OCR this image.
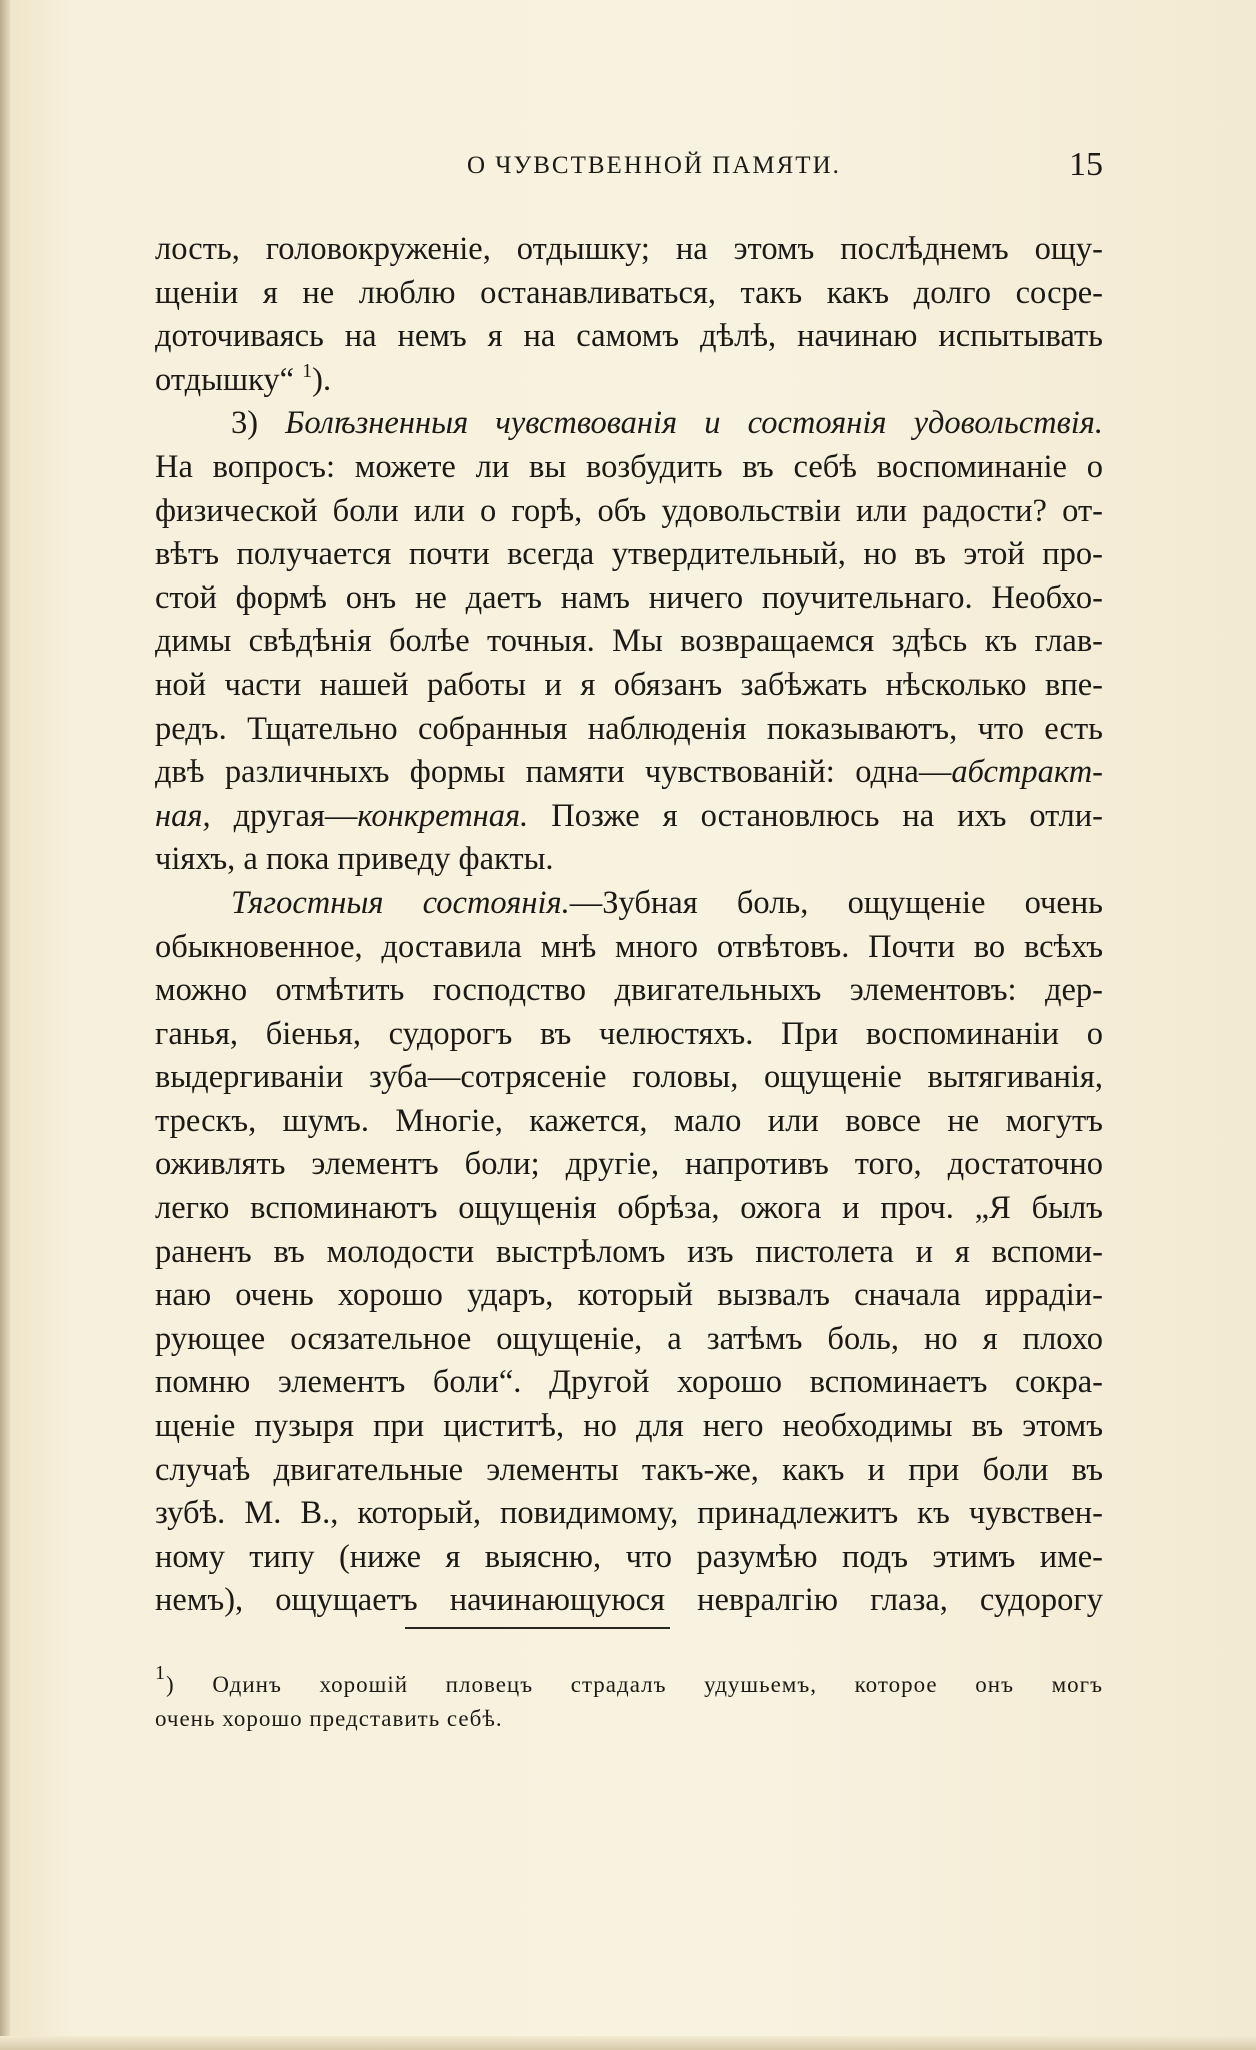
О ЧУВСТВЕННОЙ ПАМЯТИ.	15
лость, головокруженіе, отдышку; на этомъ послѣднемъ ощу-
щеніи я не люблю останавливаться, такъ какъ долго сосре-
доточиваясь на немъ я на самомъ дѣлѣ, начинаю испытывать
отдышку“ $^1$).
3) Болѣзненныя чувствованія и состоянія удовольствія.
На вопросъ: можете ли вы возбудить въ себѣ воспоминаніе о
физической боли или о горѣ, объ удовольствіи или радости? от-
вѣтъ получается почти всегда утвердительный, но въ этой про-
стой формѣ онъ не даетъ намъ ничего поучительнаго. Необхо-
димы свѣдѣнія болѣе точныя. Мы возвращаемся здѣсь къ глав-
ной части нашей работы и я обязанъ забѣжать нѣсколько впе-
редъ. Тщательно собранныя наблюденія показываютъ, что есть
двѣ различныхъ формы памяти чувствованій: одна—абстракт-
ная, другая—конкретная. Позже я остановлюсь на ихъ отли-
чіяхъ, а пока приведу факты.
Тягостныя состоянія.—Зубная боль, ощущеніе очень
обыкновенное, доставила мнѣ много отвѣтовъ. Почти во всѣхъ
можно отмѣтить господство двигательныхъ элементовъ: дер-
ганья, біенья, судорогъ въ челюстяхъ. При воспоминаніи о
выдергиваніи зуба—сотрясеніе головы, ощущеніе вытягиванія,
трескъ, шумъ. Многіе, кажется, мало или вовсе не могутъ
оживлять элементъ боли; другіе, напротивъ того, достаточно
легко вспоминаютъ ощущенія обрѣза, ожога и проч. „Я былъ
раненъ въ молодости выстрѣломъ изъ пистолета и я вспоми-
наю очень хорошо ударъ, который вызвалъ сначала иррадіи-
рующее осязательное ощущеніе, а затѣмъ боль, но я плохо
помню элементъ боли“. Другой хорошо вспоминаетъ сокра-
щеніе пузыря при циститѣ, но для него необходимы въ этомъ
случаѣ двигательные элементы такъ-же, какъ и при боли въ
зубѣ. М. В., который, повидимому, принадлежитъ къ чувствен-
ному типу (ниже я выясню, что разумѣю подъ этимъ име-
немъ), ощущаетъ начинающуюся невралгію глаза, судорогу
$^1$) Одинъ хорошій пловецъ страдалъ удушьемъ, которое онъ могъ
очень хорошо представить себѣ.
